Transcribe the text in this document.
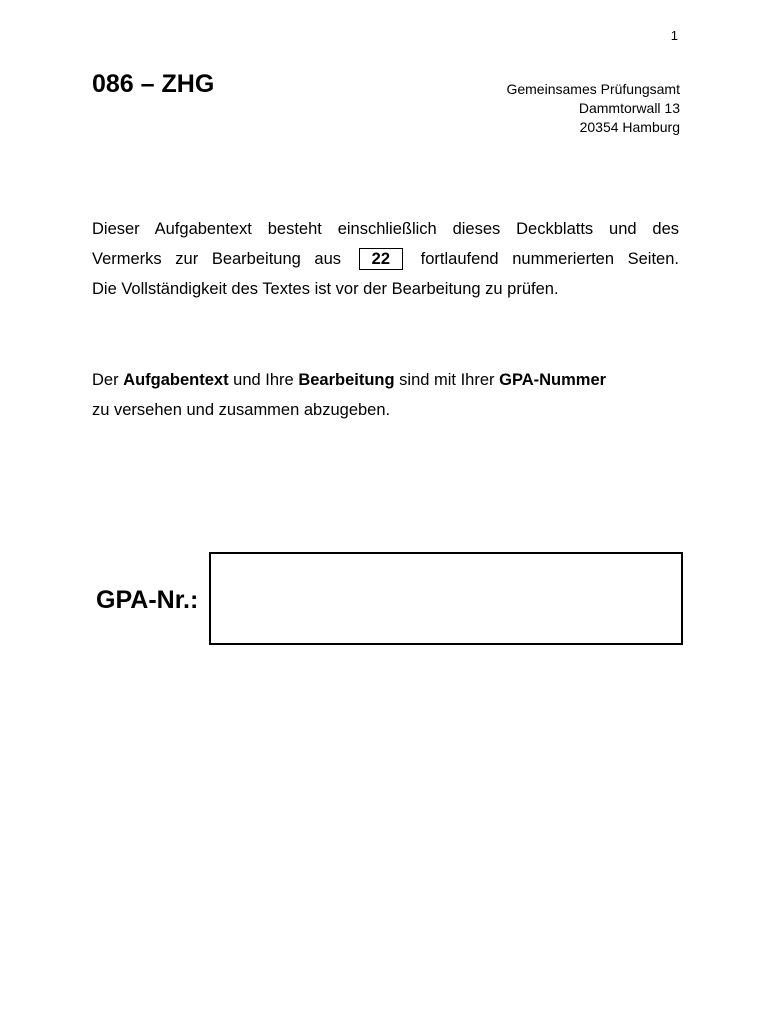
1
086 – ZHG	Gemeinsames Prüfungsamt
Dammtorwall 13
20354 Hamburg
Dieser Aufgabentext besteht einschließlich dieses Deckblatts und des
Vermerks zur Bearbeitung aus 22 fortlaufend nummerierten Seiten.
Die Vollständigkeit des Textes ist vor der Bearbeitung zu prüfen.
Der Aufgabentext und Ihre Bearbeitung sind mit Ihrer GPA-Nummer
zu versehen und zusammen abzugeben.
GPA-Nr.:
